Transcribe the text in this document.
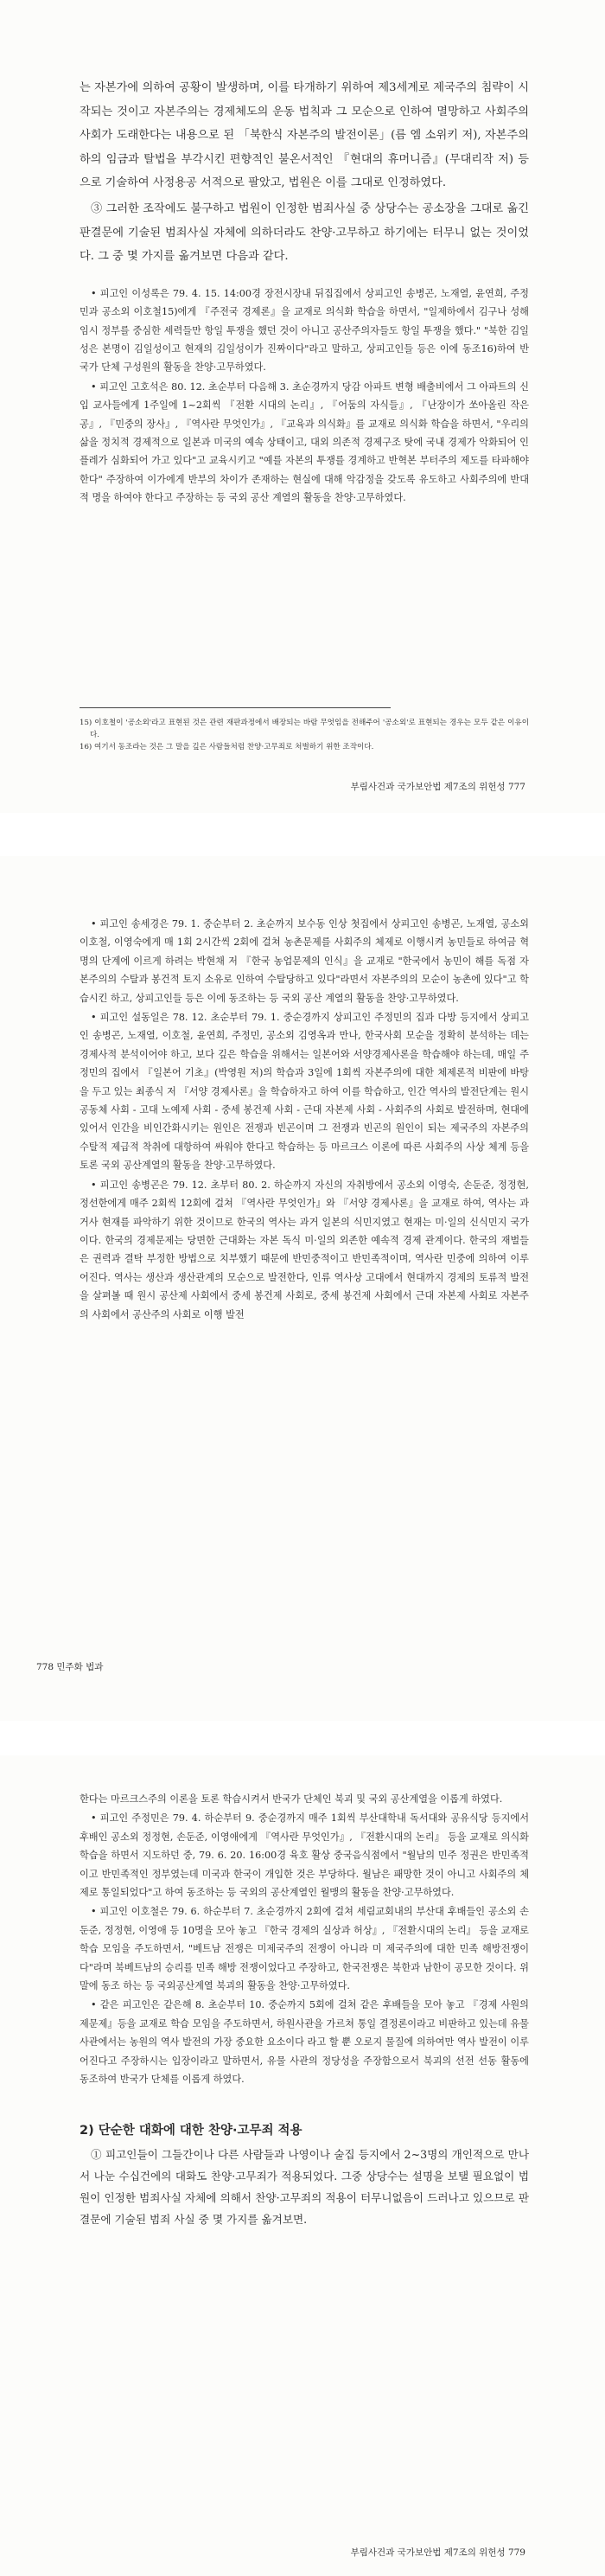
는 자본가에 의하여 공황이 발생하며, 이를 타개하기 위하여 제3세계로 제국주의 침략이 시작되는 것이고 자본주의는 경제체도의 운동 법칙과 그 모순으로 인하여 멸망하고 사회주의 사회가 도래한다는 내용으로 된 「북한식 자본주의 발전이론」(름 엠 소위키 저), 자본주의하의 임금과 탈법을 부각시킨 편향적인 불온서적인 『현대의 휴머니즘』(무대리작 저) 등으로 기술하여 사정용공 서적으로 팔았고, 법원은 이를 그대로 인정하였다.

③ 그러한 조작에도 불구하고 법원이 인정한 범죄사실 중 상당수는 공소장을 그대로 옮긴 판결문에 기술된 범죄사실 자체에 의하더라도 찬양·고무하고 하기에는 터무니 없는 것이었다. 그 중 몇 가지를 옮겨보면 다음과 같다.

• 피고인 이성록은 79. 4. 15. 14:00경 장전시장내 뒤집집에서 상피고인 송병곤, 노재열, 윤연희, 주정민과 공소외 이호철15)에게 『주전국 경제론』을 교재로 의식화 학습을 하면서, "일제하에서 김구나 성해 임시 정부를 중심한 세력들만 항일 투쟁을 했던 것이 아니고 공산주의자들도 항일 투쟁을 했다." "북한 김일성은 본명이 김일성이고 현재의 김일성이가 진짜이다"라고 말하고, 상피고인들 등은 이에 동조16)하여 반국가 단체 구성원의 활동을 찬양·고무하였다.

• 피고인 고호석은 80. 12. 초순부터 다음해 3. 초순경까지 당감 아파트 변형 배출비에서 그 아파트의 신입 교사들에게 1주일에 1~2회씩 『전환 시대의 논리』, 『어둠의 자식들』, 『난장이가 쏘아올린 작은공』, 『민중의 장사』, 『역사란 무엇인가』, 『교육과 의식화』를 교재로 의식화 학습을 하면서, "우리의 삶을 정치적 경제적으로 일본과 미국의 예속 상태이고, 대외 의존적 경제구조 탓에 국내 경제가 악화되어 인플레가 심화되어 가고 있다"고 교육시키고 "예를 자본의 투쟁를 경계하고 반혁본 부터주의 제도를 타파해야 한다" 주장하여 이가에게 반부의 차이가 존재하는 현실에 대해 악감정을 갖도록 유도하고 사회주의에 반대 적 명을 하여야 한다고 주장하는 등 국외 공산 계열의 활동을 찬양·고무하였다.

15) 이호철이 '공소외'라고 표현된 것은 관련 재판과정에서 배장되는 바람 무엇임을 전해주어 '공소외'로 표현되는 경우는 모두 같은 이유이다.

16) 여기서 동조라는 것은 그 말을 깊은 사람들처럼 찬양·고무죄로 처벌하기 위한 조작이다.

부림사건과 국가보안법 제7조의 위헌성 777

• 피고인 송세경은 79. 1. 중순부터 2. 초순까지 보수동 인상 첫집에서 상피고인 송병곤, 노재열, 공소외 이호철, 이영숙에게 매 1회 2시간씩 2회에 걸쳐 농촌문제를 사회주의 체제로 이행시켜 농민들로 하여금 혁명의 단계에 이르게 하려는 박현채 저 『한국 농업문제의 인식』을 교재로 "한국에서 농민이 해를 독점 자본주의의 수탈과 봉건적 토지 소유로 인하여 수탈당하고 있다"라면서 자본주의의 모순이 농촌에 있다"고 학습시킨 하고, 상피고인들 등은 이에 동조하는 등 국외 공산 계열의 활동을 찬양·고무하였다.

• 피고인 설동일은 78. 12. 초순부터 79. 1. 중순경까지 상피고인 주정민의 집과 다방 등지에서 상피고인 송병곤, 노재열, 이호철, 윤연희, 주정민, 공소외 김영옥과 만나, 한국사회 모순을 정확히 분석하는 데는 경제사적 분석이어야 하고, 보다 깊은 학습을 위해서는 일본어와 서양경제사론을 학습해야 하는데, 매일 주정민의 집에서 『일본어 기초』(박영원 저)의 학습과 3일에 1회씩 자본주의에 대한 체제론적 비판에 바탕을 두고 있는 최종식 저 『서양 경제사론』을 학습하자고 하여 이를 학습하고, 인간 역사의 발전단계는 원시 공동체 사회 - 고대 노예제 사회 - 중세 봉건제 사회 - 근대 자본제 사회 - 사회주의 사회로 발전하며, 현대에 있어서 인간을 비인간화시키는 원인은 전쟁과 빈곤이며 그 전쟁과 빈곤의 원인이 되는 제국주의 자본주의 수탈적 제급적 착취에 대항하여 싸워야 한다고 학습하는 등 마르크스 이론에 따른 사회주의 사상 체계 등을 토론 국외 공산계열의 활동을 찬양·고무하였다.

• 피고인 송병곤은 79. 12. 초부터 80. 2. 하순까지 자신의 자취방에서 공소외 이영숙, 손둔준, 정정현, 정선한에게 매주 2회씩 12회에 걸쳐 『역사란 무엇인가』와 『서양 경제사론』을 교재로 하여, 역사는 과거사 현재를 파악하기 위한 것이므로 한국의 역사는 과거 일본의 식민지였고 현재는 미·일의 신식민지 국가이다. 한국의 경제문제는 당면한 근대화는 자본 독식 미·일의 외존한 예속적 경제 관계이다. 한국의 재벌들은 권력과 결탁 부정한 방법으로 치부했기 때문에 반민중적이고 반민족적이며, 역사란 민중에 의하여 이루어진다. 역사는 생산과 생산관계의 모순으로 발전한다, 인류 역사상 고대에서 현대까지 경제의 토류적 발전을 살펴볼 때 원시 공산제 사회에서 중세 봉건제 사회로, 중세 봉건제 사회에서 근대 자본제 사회로 자본주의 사회에서 공산주의 사회로 이행 발전

778 민주화 법과

한다는 마르크스주의 이론을 토론 학습시켜서 반국가 단체인 북괴 및 국외 공산계열을 이롭게 하였다.

• 피고인 주정민은 79. 4. 하순부터 9. 중순경까지 매주 1회씩 부산대학내 독서대와 공유식당 등지에서 후배인 공소외 정정현, 손둔준, 이영애에게 『역사란 무엇인가』, 『전환시대의 논리』 등을 교재로 의식화 학습을 하면서 지도하던 중, 79. 6. 20. 16:00경 육호 활상 중국음식점에서 "월남의 민주 정권은 반민족적이고 반민족적인 정부였는데 미국과 한국이 개입한 것은 부당하다. 월남은 패망한 것이 아니고 사회주의 체제로 통일되었다"고 하여 동조하는 등 국외의 공산계열인 월맹의 활동을 찬양·고무하였다.

• 피고인 이호철은 79. 6. 하순부터 7. 초순경까지 2회에 걸쳐 세림교회내의 부산대 후배들인 공소외 손둔준, 정정현, 이영애 등 10명을 모아 놓고 『한국 경제의 실상과 허상』, 『전환시대의 논리』 등을 교재로 학습 모임을 주도하면서, "베트남 전쟁은 미제국주의 전쟁이 아니라 미 제국주의에 대한 민족 해방전쟁이다"라며 북베트남의 승리를 민족 해방 전쟁이었다고 주장하고, 한국전쟁은 북한과 남한이 공모한 것이다. 위 말에 동조 하는 등 국외공산계열 북괴의 활동을 찬양·고무하였다.

• 같은 피고인은 같은해 8. 초순부터 10. 중순까지 5회에 걸쳐 같은 후배들을 모아 놓고 『경제 사원의 제문제』등을 교재로 학습 모임을 주도하면서, 하원사관을 가르쳐 통일 결정론이라고 비판하고 있는데 유물 사관에서는 농원의 역사 발전의 가장 중요한 요소이다 라고 할 뿐 오로지 물질에 의하여만 역사 발전이 이루어진다고 주장하시는 입장이라고 말하면서, 유물 사관의 정당성을 주장함으로서 북괴의 선전 선동 활동에 동조하여 반국가 단체를 이롭게 하였다.

2) 단순한 대화에 대한 찬양·고무죄 적용

① 피고인들이 그들간이나 다른 사람들과 나영이나 술집 등지에서 2~3명의 개인적으로 만나서 나눈 수십건에의 대화도 찬양·고무죄가 적용되었다. 그중 상당수는 설명을 보탤 필요없이 법원이 인정한 범죄사실 자체에 의해서 찬양·고무죄의 적용이 터무니없음이 드러나고 있으므로 판결문에 기술된 범죄 사실 중 몇 가지를 옮겨보면.

부림사건과 국가보안법 제7조의 위헌성 779
